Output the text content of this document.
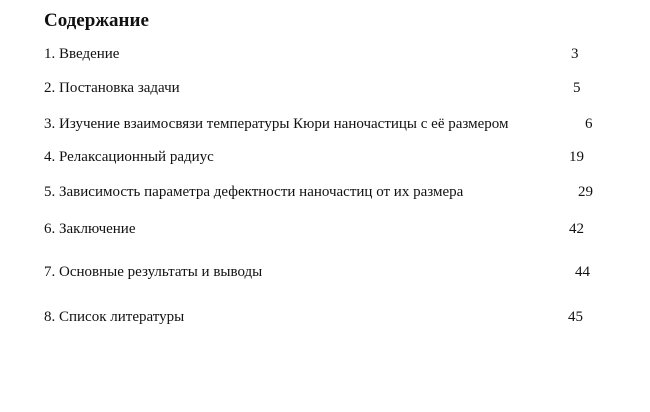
Содержание
1. Введение	3
2. Постановка задачи	5
3. Изучение взаимосвязи температуры Кюри наночастицы с её размером	6
4. Релаксационный радиус	19
5. Зависимость параметра дефектности наночастиц от их размера	29
6. Заключение	42
7. Основные результаты и выводы	44
8. Список литературы	45
